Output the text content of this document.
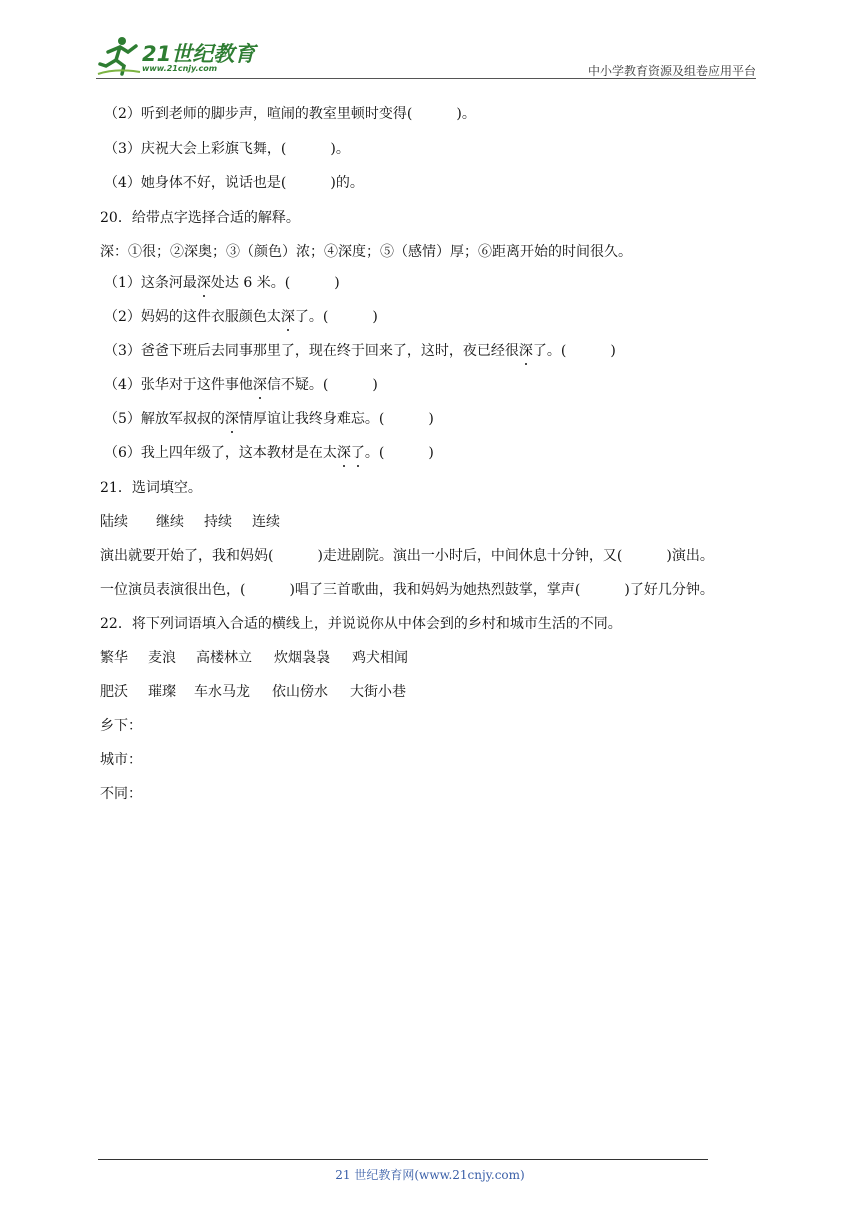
21世纪教育
www.21cnjy.com	中小学教育资源及组卷应用平台
（2）听到老师的脚步声，喧闹的教室里顿时变得(	)。
（3）庆祝大会上彩旗飞舞，(	)。
（4）她身体不好，说话也是(	)的。
20．给带点字选择合适的解释。
深：①很；②深奥；③（颜色）浓；④深度；⑤（感情）厚；⑥距离开始的时间很久。
（1）这条河最深处达 6 米。(	)
（2）妈妈的这件衣服颜色太深了。(	)
（3）爸爸下班后去同事那里了，现在终于回来了，这时，夜已经很深了。(	)
（4）张华对于这件事他深信不疑。(	)
（5）解放军叔叔的深情厚谊让我终身难忘。(	)
（6）我上四年级了，这本教材是在太深了。(	)
21．选词填空。
陆续 继续 持续 连续
演出就要开始了，我和妈妈(	)走进剧院。演出一小时后，中间休息十分钟，又(	)演出。
一位演员表演很出色，(	)唱了三首歌曲，我和妈妈为她热烈鼓掌，掌声(	)了好几分钟。
22．将下列词语填入合适的横线上，并说说你从中体会到的乡村和城市生活的不同。
繁华 麦浪 高楼林立 炊烟袅袅 鸡犬相闻
肥沃 璀璨 车水马龙 依山傍水 大街小巷
乡下：
城市：
不同：
21 世纪教育网(www.21cnjy.com)
